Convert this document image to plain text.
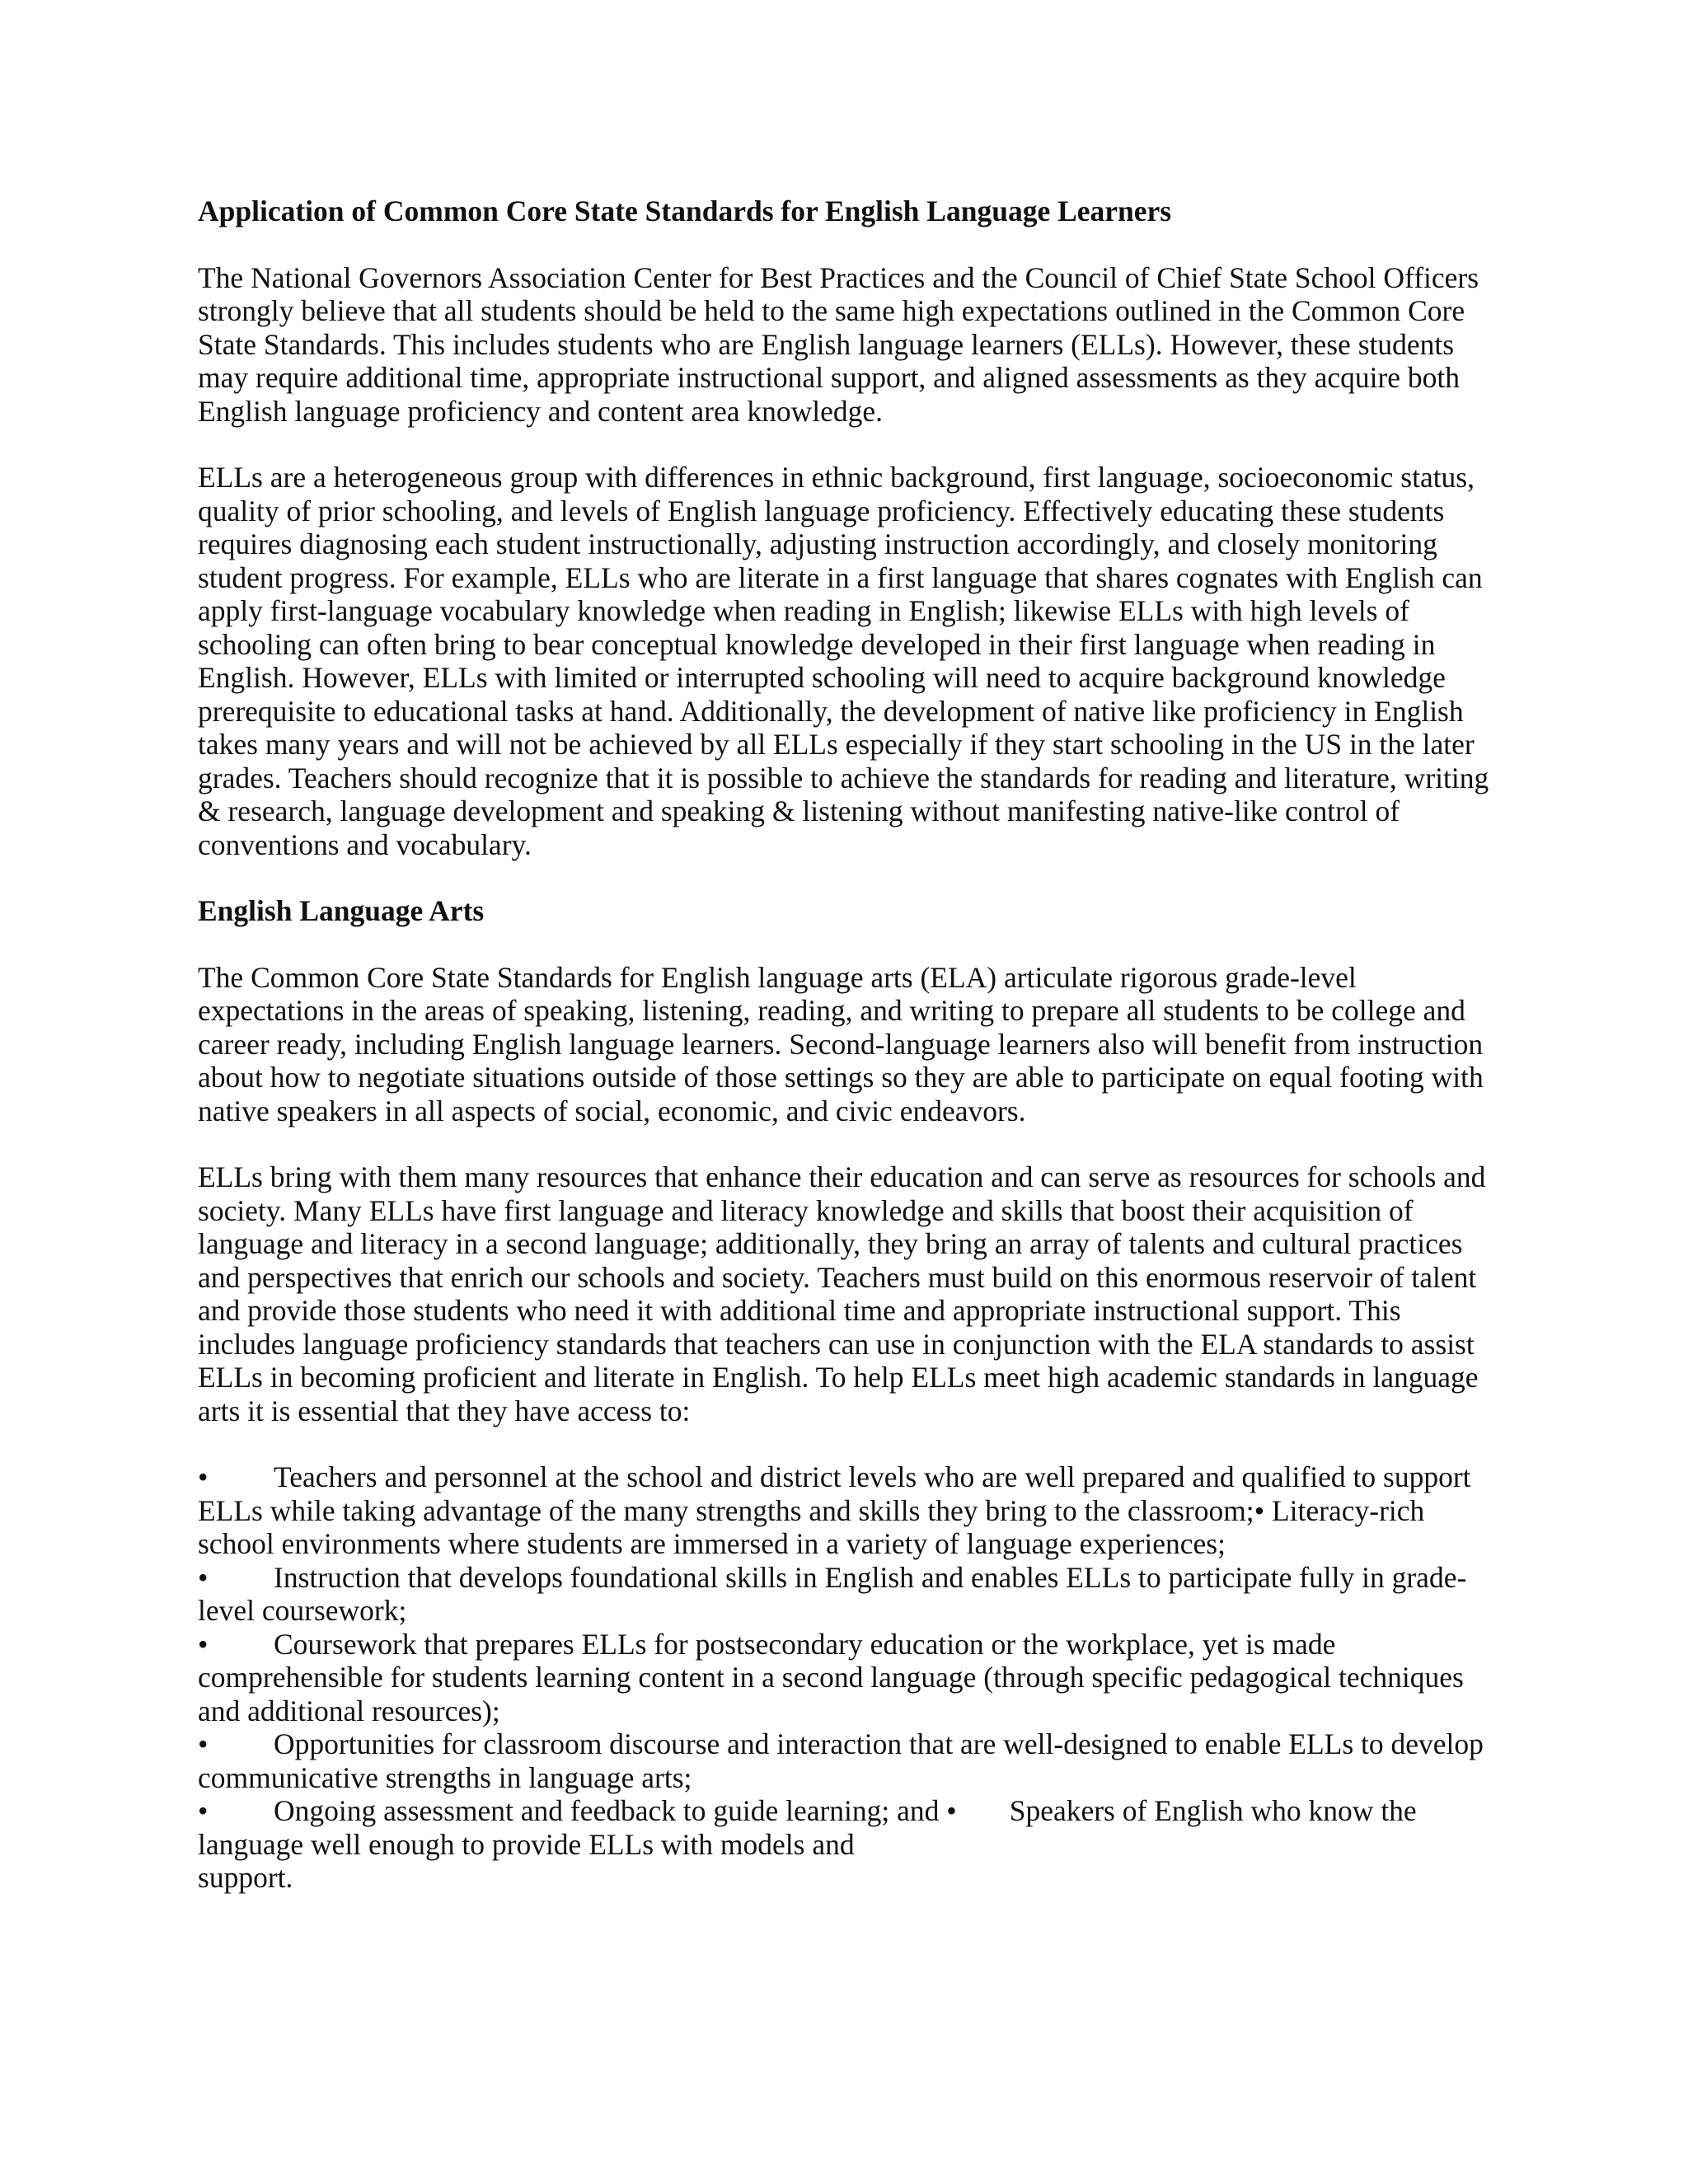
Application of Common Core State Standards for English Language Learners

The National Governors Association Center for Best Practices and the Council of Chief State School Officers strongly believe that all students should be held to the same high expectations outlined in the Common Core State Standards. This includes students who are English language learners (ELLs). However, these students may require additional time, appropriate instructional support, and aligned assessments as they acquire both English language proficiency and content area knowledge.

ELLs are a heterogeneous group with differences in ethnic background, first language, socioeconomic status, quality of prior schooling, and levels of English language proficiency. Effectively educating these students requires diagnosing each student instructionally, adjusting instruction accordingly, and closely monitoring student progress. For example, ELLs who are literate in a first language that shares cognates with English can apply first-language vocabulary knowledge when reading in English; likewise ELLs with high levels of schooling can often bring to bear conceptual knowledge developed in their first language when reading in English. However, ELLs with limited or interrupted schooling will need to acquire background knowledge prerequisite to educational tasks at hand. Additionally, the development of native like proficiency in English takes many years and will not be achieved by all ELLs especially if they start schooling in the US in the later grades. Teachers should recognize that it is possible to achieve the standards for reading and literature, writing & research, language development and speaking & listening without manifesting native-like control of conventions and vocabulary.

English Language Arts

The Common Core State Standards for English language arts (ELA) articulate rigorous grade-level expectations in the areas of speaking, listening, reading, and writing to prepare all students to be college and career ready, including English language learners. Second-language learners also will benefit from instruction about how to negotiate situations outside of those settings so they are able to participate on equal footing with native speakers in all aspects of social, economic, and civic endeavors.

ELLs bring with them many resources that enhance their education and can serve as resources for schools and society. Many ELLs have first language and literacy knowledge and skills that boost their acquisition of language and literacy in a second language; additionally, they bring an array of talents and cultural practices and perspectives that enrich our schools and society. Teachers must build on this enormous reservoir of talent and provide those students who need it with additional time and appropriate instructional support. This includes language proficiency standards that teachers can use in conjunction with the ELA standards to assist ELLs in becoming proficient and literate in English. To help ELLs meet high academic standards in language arts it is essential that they have access to:

• Teachers and personnel at the school and district levels who are well prepared and qualified to support ELLs while taking advantage of the many strengths and skills they bring to the classroom;• Literacy-rich school environments where students are immersed in a variety of language experiences;

• Instruction that develops foundational skills in English and enables ELLs to participate fully in grade-level coursework;

• Coursework that prepares ELLs for postsecondary education or the workplace, yet is made comprehensible for students learning content in a second language (through specific pedagogical techniques and additional resources);

• Opportunities for classroom discourse and interaction that are well-designed to enable ELLs to develop communicative strengths in language arts;

• Ongoing assessment and feedback to guide learning; and • Speakers of English who know the language well enough to provide ELLs with models and

support.
